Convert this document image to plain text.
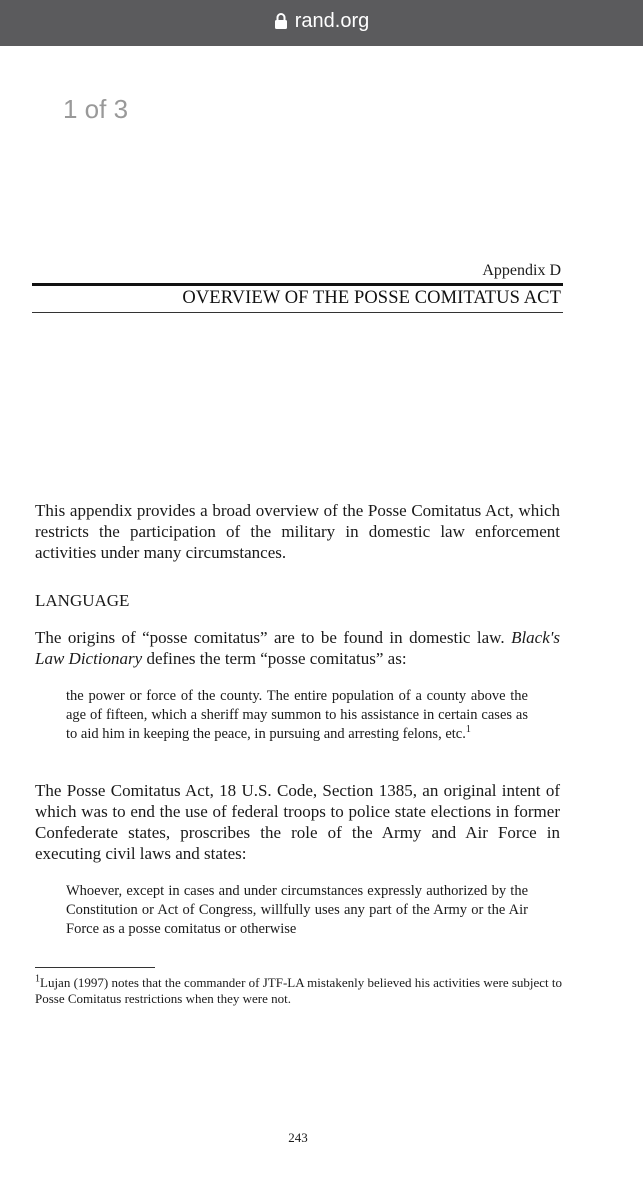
rand.org
1 of 3
Appendix D
OVERVIEW OF THE POSSE COMITATUS ACT

This appendix provides a broad overview of the Posse Comitatus Act, which restricts the participation of the military in domestic law enforcement activities under many circumstances.

LANGUAGE

The origins of “posse comitatus” are to be found in domestic law. Black's Law Dictionary defines the term “posse comitatus” as:

the power or force of the county. The entire population of a county above the age of fifteen, which a sheriff may summon to his assistance in certain cases as to aid him in keeping the peace, in pursuing and arresting felons, etc.$^1$

The Posse Comitatus Act, 18 U.S. Code, Section 1385, an original intent of which was to end the use of federal troops to police state elections in former Confederate states, proscribes the role of the Army and Air Force in executing civil laws and states:

Whoever, except in cases and under circumstances expressly authorized by the Constitution or Act of Congress, willfully uses any part of the Army or the Air Force as a posse comitatus or otherwise

$^1$Lujan (1997) notes that the commander of JTF-LA mistakenly believed his activities were subject to Posse Comitatus restrictions when they were not.

243
